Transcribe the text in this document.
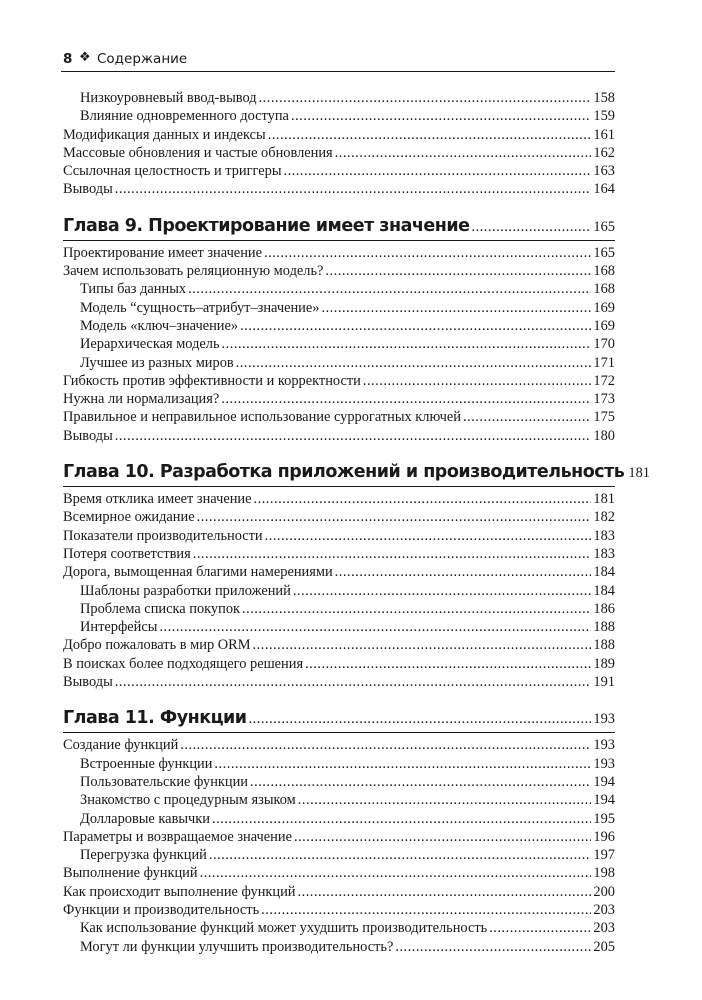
8 ❖ Содержание
Низкоуровневый ввод-вывод .....	158
Влияние одновременного доступа .....	159
Модификация данных и индексы .....	161
Массовые обновления и частые обновления .....	162
Ссылочная целостность и триггеры .....	163
Выводы .....	164
Глава 9. Проектирование имеет значение .....	165
Проектирование имеет значение .....	165
Зачем использовать реляционную модель? .....	168
Типы баз данных .....	168
Модель “сущность–атрибут–значение» .....	169
Модель «ключ–значение» .....	169
Иерархическая модель .....	170
Лучшее из разных миров .....	171
Гибкость против эффективности и корректности .....	172
Нужна ли нормализация? .....	173
Правильное и неправильное использование суррогатных ключей .....	175
Выводы .....	180
Глава 10. Разработка приложений и производительность 181
Время отклика имеет значение .....	181
Всемирное ожидание .....	182
Показатели производительности .....	183
Потеря соответствия .....	183
Дорога, вымощенная благими намерениями .....	184
Шаблоны разработки приложений .....	184
Проблема списка покупок .....	186
Интерфейсы .....	188
Добро пожаловать в мир ORM .....	188
В поисках более подходящего решения .....	189
Выводы .....	191
Глава 11. Функции .....	193
Создание функций .....	193
Встроенные функции .....	193
Пользовательские функции .....	194
Знакомство с процедурным языком .....	194
Долларовые кавычки .....	195
Параметры и возвращаемое значение .....	196
Перегрузка функций .....	197
Выполнение функций .....	198
Как происходит выполнение функций .....	200
Функции и производительность .....	203
Как использование функций может ухудшить производительность .....	203
Могут ли функции улучшить производительность? .....	205
